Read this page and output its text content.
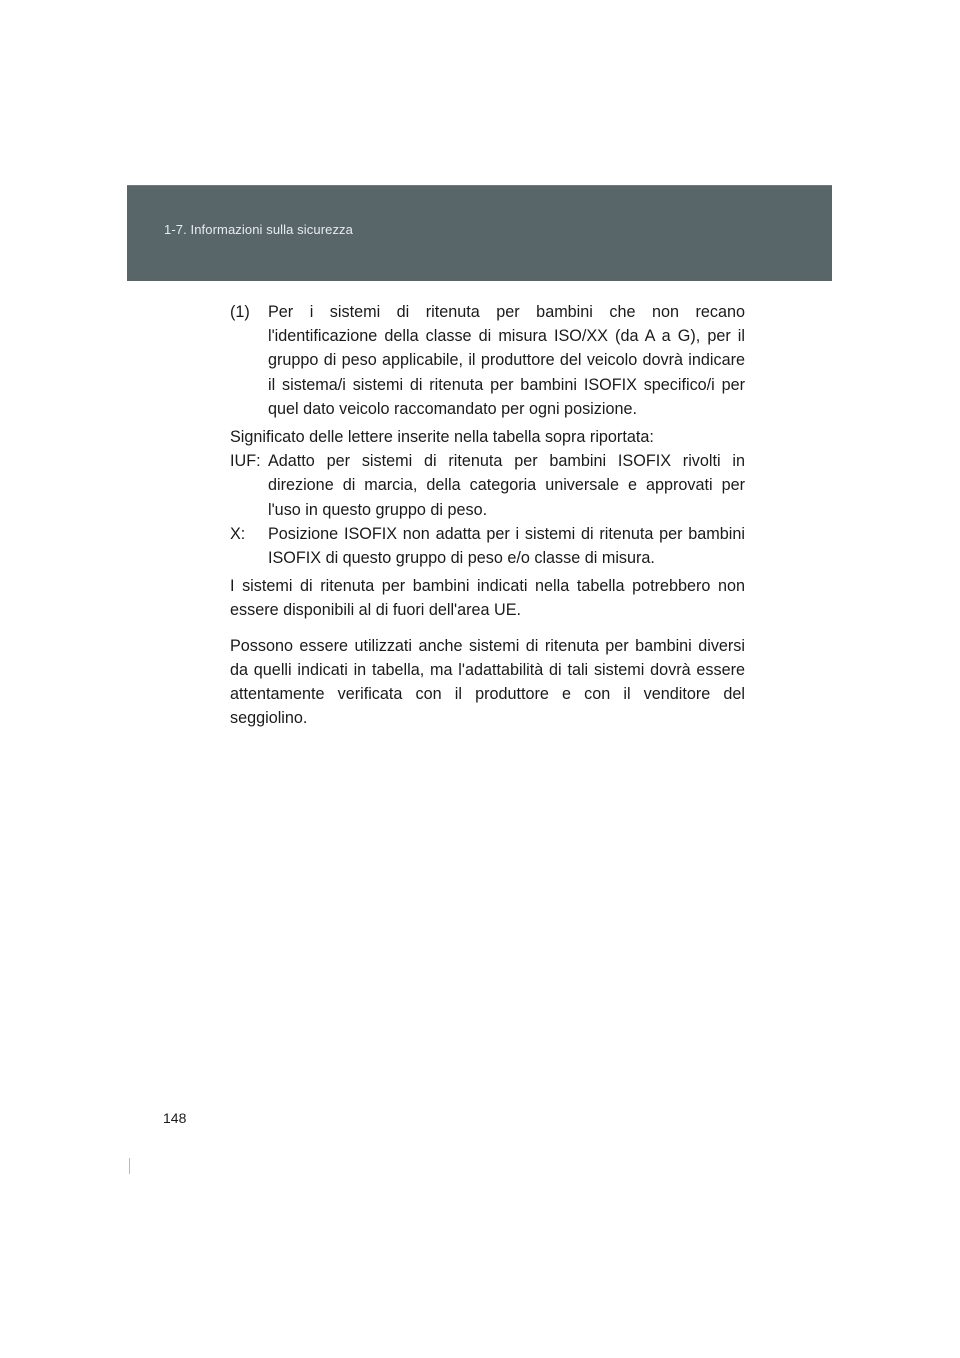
1-7. Informazioni sulla sicurezza
(1)	Per i sistemi di ritenuta per bambini che non recano l'identificazione della classe di misura ISO/XX (da A a G), per il gruppo di peso applicabile, il produttore del veicolo dovrà indicare il sistema/i sistemi di ritenuta per bambini ISOFIX specifico/i per quel dato veicolo raccomandato per ogni posizione.

Significato delle lettere inserite nella tabella sopra riportata:

IUF: Adatto per sistemi di ritenuta per bambini ISOFIX rivolti in direzione di marcia, della categoria universale e approvati per l'uso in questo gruppo di peso.
X:	Posizione ISOFIX non adatta per i sistemi di ritenuta per bambini ISOFIX di questo gruppo di peso e/o classe di misura.

I sistemi di ritenuta per bambini indicati nella tabella potrebbero non essere disponibili al di fuori dell'area UE.

Possono essere utilizzati anche sistemi di ritenuta per bambini diversi da quelli indicati in tabella, ma l'adattabilità di tali sistemi dovrà essere attentamente verificata con il produttore e con il venditore del seggiolino.

148
